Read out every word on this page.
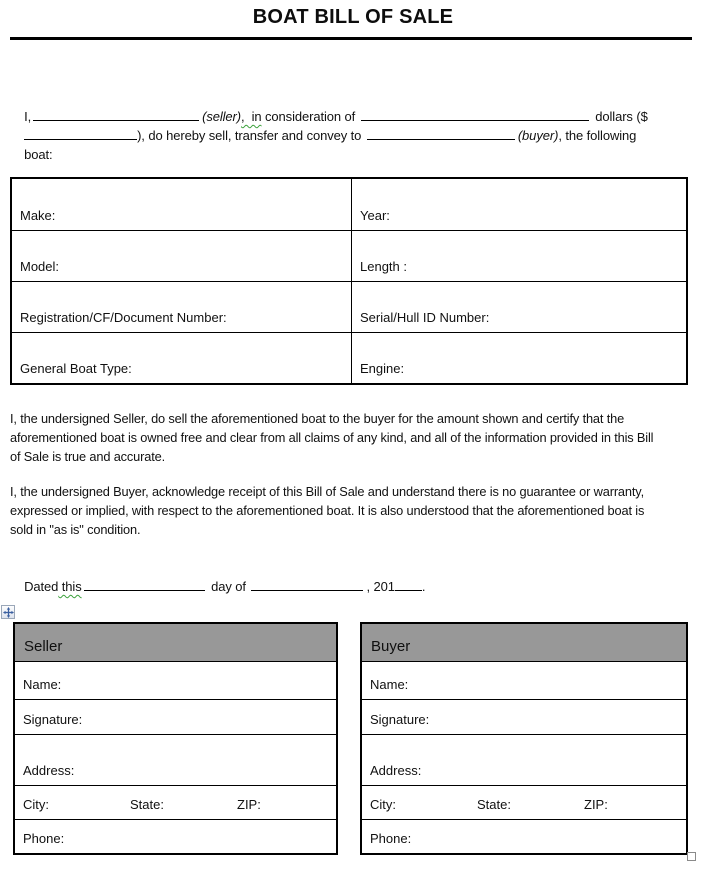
BOAT BILL OF SALE

I,	(seller),  in consideration of	dollars ($

), do hereby sell, transfer and convey to	(buyer), the following

boat:

Make:	Year:
Model:	Length :
Registration/CF/Document Number:	Serial/Hull ID Number:
General Boat Type:	Engine:
I, the undersigned Seller, do sell the aforementioned boat to the buyer for the amount shown and certify that the
aforementioned boat is owned free and clear from all claims of any kind, and all of the information provided in this Bill
of Sale is true and accurate.
I, the undersigned Buyer, acknowledge receipt of this Bill of Sale and understand there is no guarantee or warranty,
expressed or implied, with respect to the aforementioned boat. It is also understood that the aforementioned boat is
sold in "as is" condition.

Dated this	day of	, 201 .

Seller
Name:
Signature:
Address:
City:	State:	ZIP:
Phone:
Buyer
Name:
Signature:
Address:
City:	State:	ZIP:
Phone:
